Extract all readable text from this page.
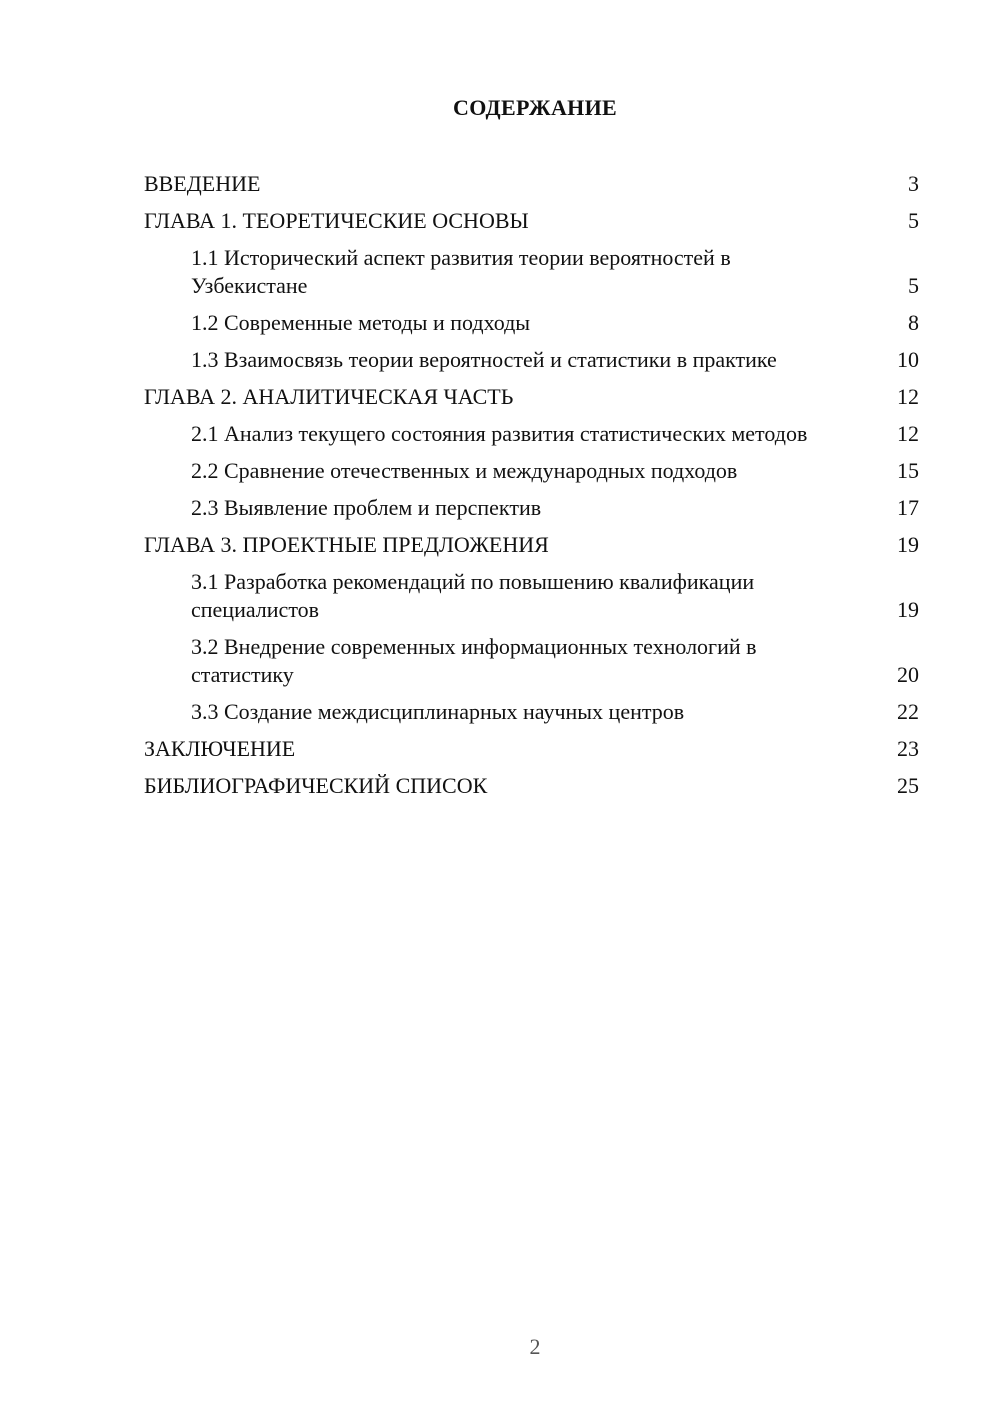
СОДЕРЖАНИЕ
ВВЕДЕНИЕ	3
ГЛАВА 1. ТЕОРЕТИЧЕСКИЕ ОСНОВЫ	5
1.1 Исторический аспект развития теории вероятностей в Узбекистане	5
1.2 Современные методы и подходы	8
1.3 Взаимосвязь теории вероятностей и статистики в практике	10
ГЛАВА 2. АНАЛИТИЧЕСКАЯ ЧАСТЬ	12
2.1 Анализ текущего состояния развития статистических методов	12
2.2 Сравнение отечественных и международных подходов	15
2.3 Выявление проблем и перспектив	17
ГЛАВА 3. ПРОЕКТНЫЕ ПРЕДЛОЖЕНИЯ	19
3.1 Разработка рекомендаций по повышению квалификации специалистов	19
3.2 Внедрение современных информационных технологий в статистику	20
3.3 Создание междисциплинарных научных центров	22
ЗАКЛЮЧЕНИЕ	23
БИБЛИОГРАФИЧЕСКИЙ СПИСОК	25
2
